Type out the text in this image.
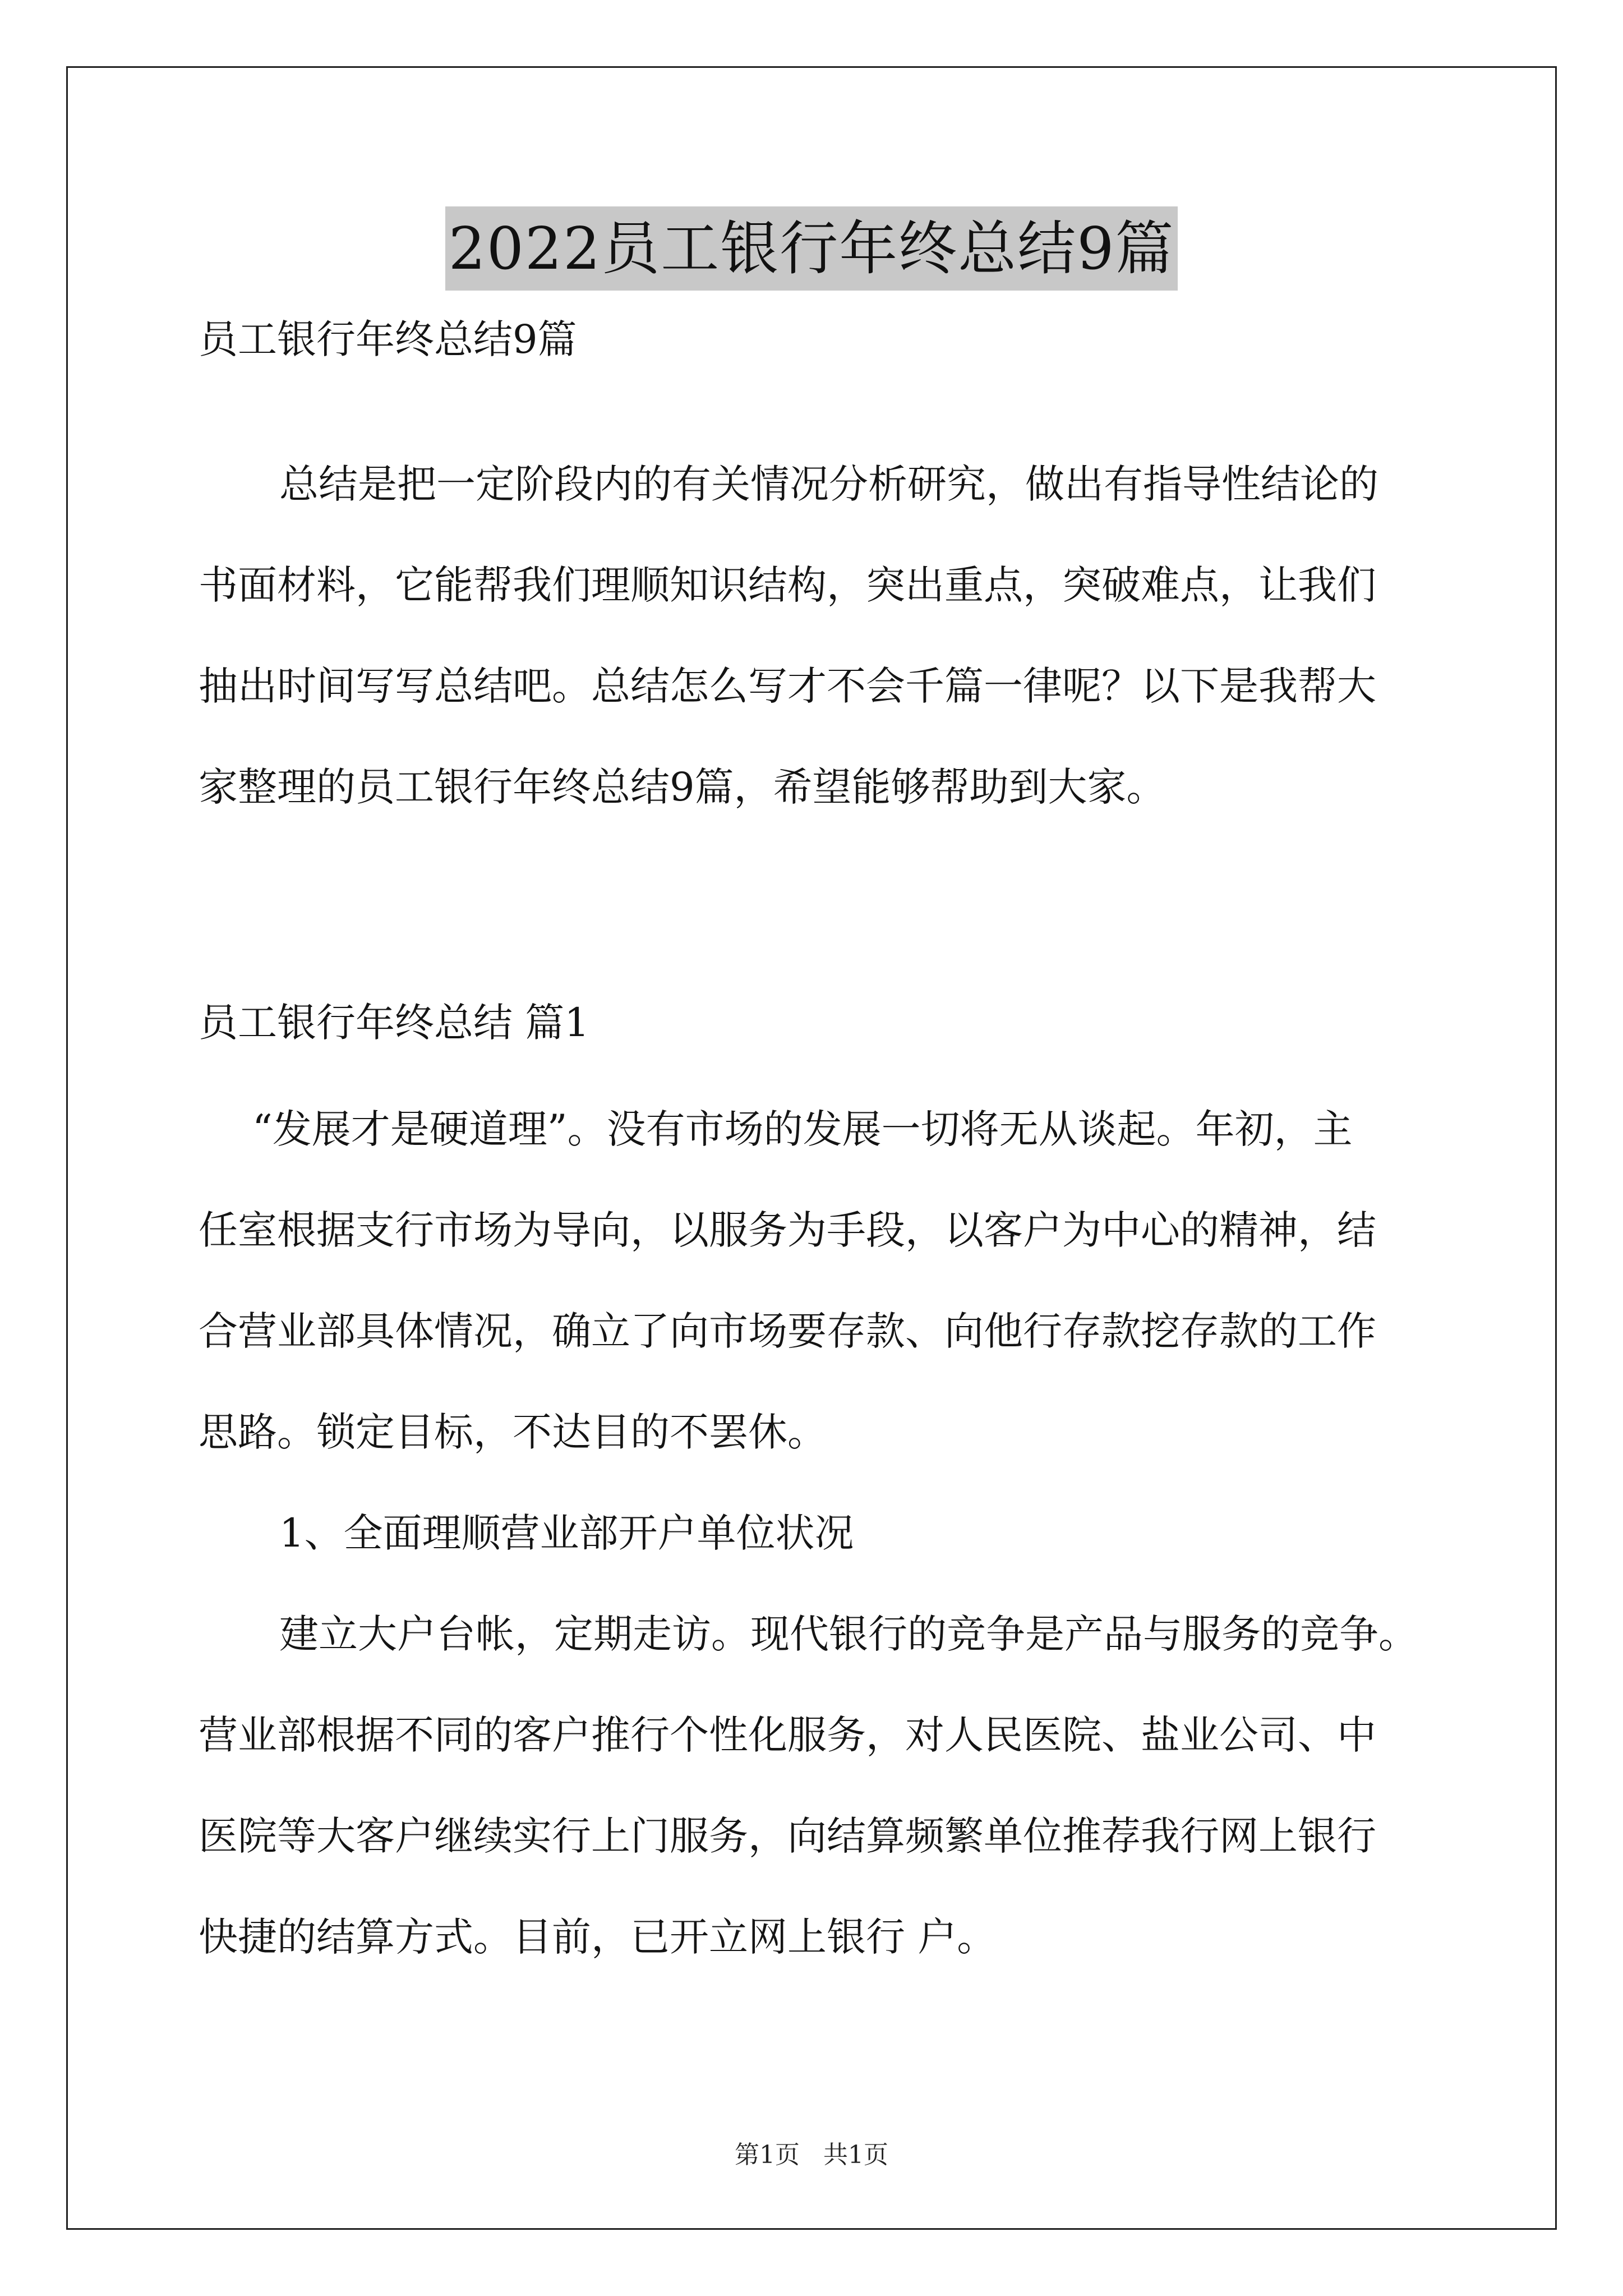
2022员工银行年终总结9篇
员工银行年终总结9篇
总结是把一定阶段内的有关情况分析研究，做出有指导性结论的
书面材料，它能帮我们理顺知识结构，突出重点，突破难点，让我们
抽出时间写写总结吧。总结怎么写才不会千篇一律呢？以下是我帮大
家整理的员工银行年终总结9篇，希望能够帮助到大家。
员工银行年终总结 篇1
“发展才是硬道理”。没有市场的发展一切将无从谈起。年初，主
任室根据支行市场为导向，以服务为手段，以客户为中心的精神，结
合营业部具体情况，确立了向市场要存款、向他行存款挖存款的工作
思路。锁定目标，不达目的不罢休。
1、全面理顺营业部开户单位状况
建立大户台帐，定期走访。现代银行的竞争是产品与服务的竞争。
营业部根据不同的客户推行个性化服务，对人民医院、盐业公司、中
医院等大客户继续实行上门服务，向结算频繁单位推荐我行网上银行
快捷的结算方式。目前，已开立网上银行 户。
第1页   共1页
